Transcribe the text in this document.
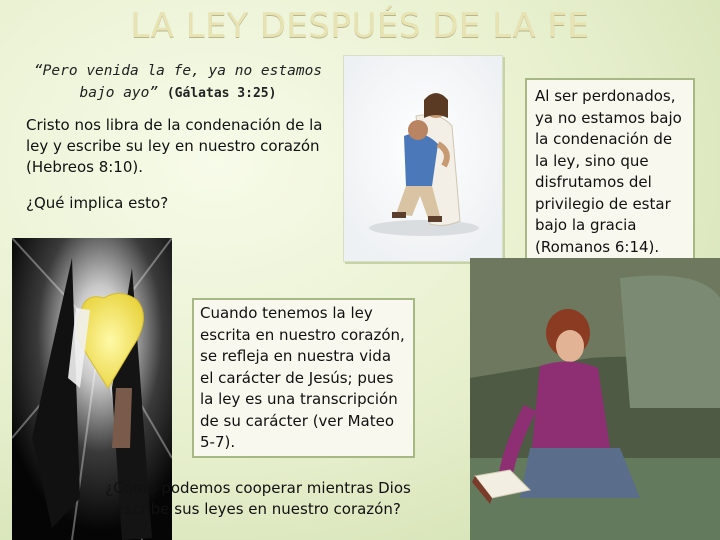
LA LEY DESPUÉS DE LA FE
“Pero venida la fe, ya no estamos bajo ayo” (Gálatas 3:25)
Cristo nos libra de la condenación de la ley y escribe su ley en nuestro corazón (Hebreos 8:10).
¿Qué implica esto?
Al ser perdonados, ya no estamos bajo la condenación de la ley, sino que disfrutamos del privilegio de estar bajo la gracia (Romanos 6:14).
Cuando tenemos la ley escrita en nuestro corazón, se refleja en nuestra vida el carácter de Jesús; pues la ley es una transcripción de su carácter (ver Mateo 5-7).
¿Cómo podemos cooperar mientras Dios escribe sus leyes en nuestro corazón?
